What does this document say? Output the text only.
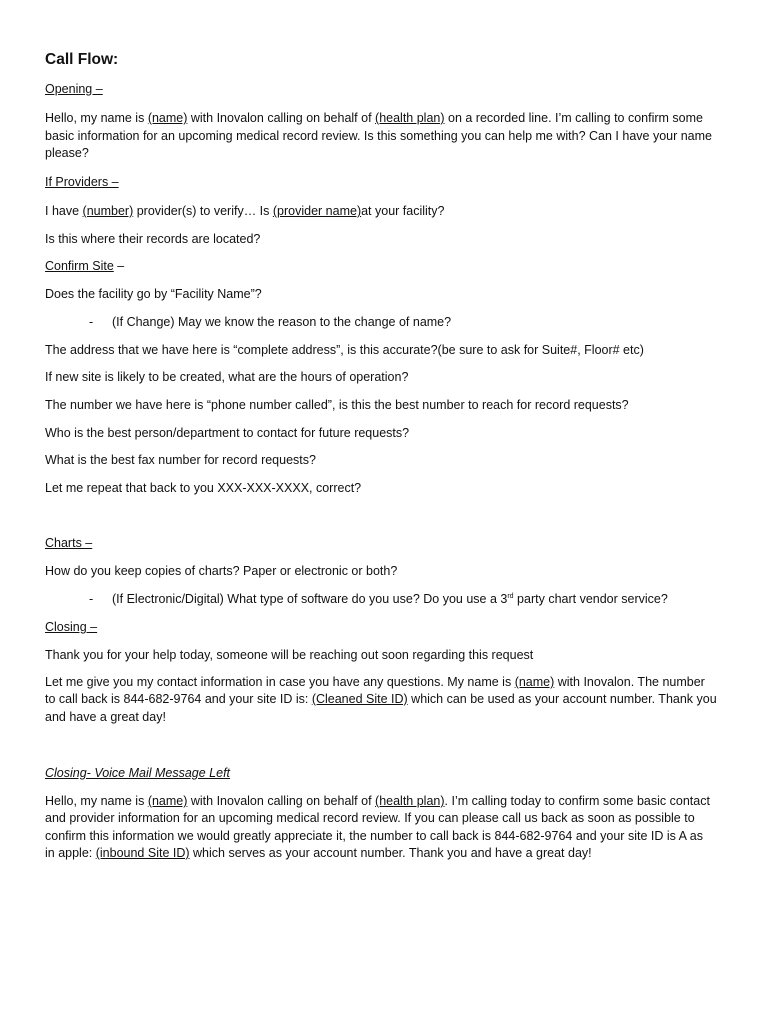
Call Flow:
Opening –
Hello, my name is (name) with Inovalon calling on behalf of (health plan) on a recorded line. I’m calling to confirm some
basic information for an upcoming medical record review. Is this something you can help me with? Can I have your name
please?
If Providers –
I have (number) provider(s) to verify… Is (provider name)at your facility?
Is this where their records are located?
Confirm Site –
Does the facility go by “Facility Name”?
- (If Change) May we know the reason to the change of name?
The address that we have here is “complete address”, is this accurate?(be sure to ask for Suite#, Floor# etc)
If new site is likely to be created, what are the hours of operation?
The number we have here is “phone number called”, is this the best number to reach for record requests?
Who is the best person/department to contact for future requests?
What is the best fax number for record requests?
Let me repeat that back to you XXX-XXX-XXXX, correct?
Charts –
How do you keep copies of charts? Paper or electronic or both?
- (If Electronic/Digital) What type of software do you use? Do you use a 3rd party chart vendor service?
Closing –
Thank you for your help today, someone will be reaching out soon regarding this request
Let me give you my contact information in case you have any questions. My name is (name) with Inovalon. The number
to call back is 844-682-9764 and your site ID is: (Cleaned Site ID) which can be used as your account number. Thank you
and have a great day!
Closing- Voice Mail Message Left
Hello, my name is (name) with Inovalon calling on behalf of (health plan). I’m calling today to confirm some basic contact
and provider information for an upcoming medical record review. If you can please call us back as soon as possible to
confirm this information we would greatly appreciate it, the number to call back is 844-682-9764 and your site ID is A as
in apple: (inbound Site ID) which serves as your account number. Thank you and have a great day!
